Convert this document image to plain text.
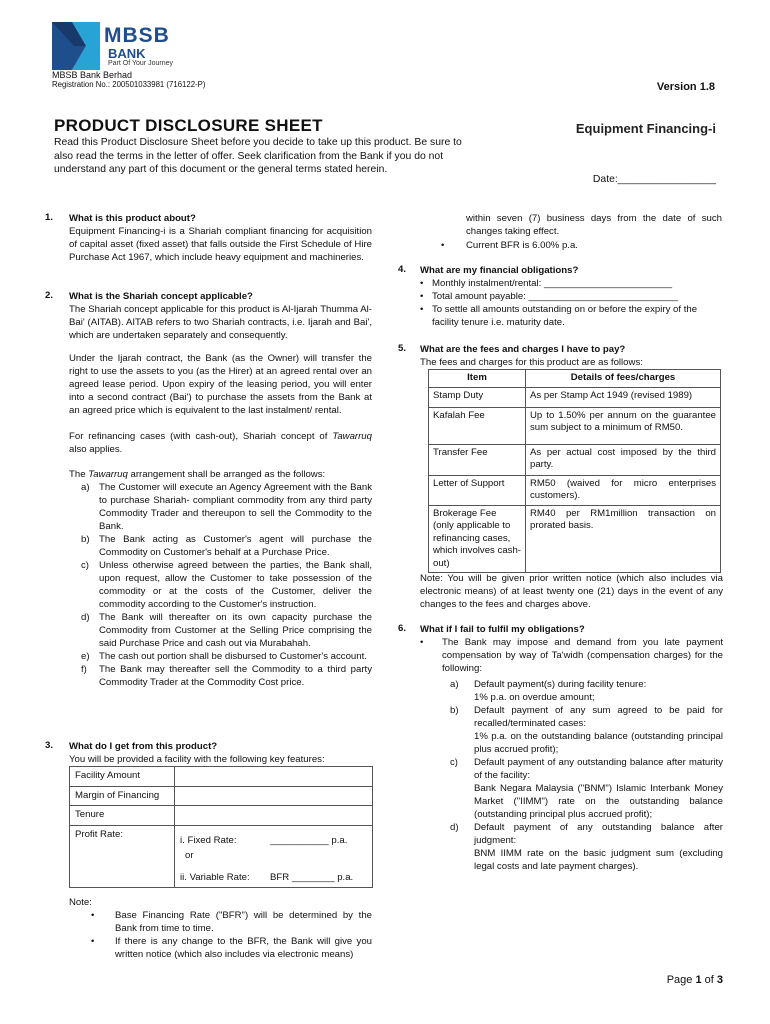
MBSB
BANK
Part Of Your Journey
MBSB Bank Berhad
Registration No.: 200501033981 (716122-P)	Version 1.8
PRODUCT DISCLOSURE SHEET	Equipment Financing-i
Read this Product Disclosure Sheet before you decide to take up this product. Be sure to also read the terms in the letter of offer. Seek clarification from the Bank if you do not understand any part of this document or the general terms stated herein.
Date:_________________
1. What is this product about?
Equipment Financing-i is a Shariah compliant financing for acquisition of capital asset (fixed asset) that falls outside the First Schedule of Hire Purchase Act 1967, which include heavy equipment and machineries.
2. What is the Shariah concept applicable?
The Shariah concept applicable for this product is Al-Ijarah Thumma Al- Bai' (AITAB). AITAB refers to two Shariah contracts, i.e. Ijarah and Bai', which are undertaken separately and consequently.
Under the Ijarah contract, the Bank (as the Owner) will transfer the right to use the assets to you (as the Hirer) at an agreed rental over an agreed lease period. Upon expiry of the leasing period, you will enter into a second contract (Bai') to purchase the assets from the Bank at an agreed price which is equivalent to the last instalment/ rental.
For refinancing cases (with cash-out), Shariah concept of Tawarruq also applies.
The Tawarruq arrangement shall be arranged as the follows:
a) The Customer will execute an Agency Agreement with the Bank to purchase Shariah- compliant commodity from any third party Commodity Trader and thereupon to sell the Commodity to the Bank.
b) The Bank acting as Customer's agent will purchase the Commodity on Customer's behalf at a Purchase Price.
c) Unless otherwise agreed between the parties, the Bank shall, upon request, allow the Customer to take possession of the commodity or at the costs of the Customer, deliver the commodity according to the Customer's instruction.
d) The Bank will thereafter on its own capacity purchase the Commodity from Customer at the Selling Price comprising the said Purchase Price and cash out via Murabahah.
e) The cash out portion shall be disbursed to Customer's account.
f) The Bank may thereafter sell the Commodity to a third party Commodity Trader at the Commodity Cost price.
3. What do I get from this product?
You will be provided a facility with the following key features:
Facility Amount	
Margin of Financing	
Tenure	
Profit Rate:	i. Fixed Rate: ___________ p.a.
or
ii. Variable Rate: BFR ________ p.a.
Note:
• Base Financing Rate ("BFR") will be determined by the Bank from time to time.
• If there is any change to the BFR, the Bank will give you written notice (which also includes via electronic means)
within seven (7) business days from the date of such changes taking effect.
• Current BFR is 6.00% p.a.
4. What are my financial obligations?
• Monthly instalment/rental: ________________________
• Total amount payable: ____________________________
• To settle all amounts outstanding on or before the expiry of the facility tenure i.e. maturity date.
5. What are the fees and charges I have to pay?
The fees and charges for this product are as follows:
Item	Details of fees/charges
Stamp Duty	As per Stamp Act 1949 (revised 1989)
Kafalah Fee	Up to 1.50% per annum on the guarantee sum subject to a minimum of RM50.
Transfer Fee	As per actual cost imposed by the third party.
Letter of Support	RM50 (waived for micro enterprises customers).
Brokerage Fee
(only applicable to refinancing cases, which involves cash-out)	RM40 per RM1million transaction on prorated basis.
Note: You will be given prior written notice (which also includes via electronic means) of at least twenty one (21) days in the event of any changes to the fees and charges above.
6. What if I fail to fulfil my obligations?
• The Bank may impose and demand from you late payment compensation by way of Ta'widh (compensation charges) for the following:
a) Default payment(s) during facility tenure:
1% p.a. on overdue amount;
b) Default payment of any sum agreed to be paid for recalled/terminated cases:
1% p.a. on the outstanding balance (outstanding principal plus accrued profit);
c) Default payment of any outstanding balance after maturity of the facility:
Bank Negara Malaysia ("BNM") Islamic Interbank Money Market ("IIMM") rate on the outstanding balance (outstanding principal plus accrued profit);
d) Default payment of any outstanding balance after judgment:
BNM IIMM rate on the basic judgment sum (excluding legal costs and late payment charges).
Page 1 of 3
